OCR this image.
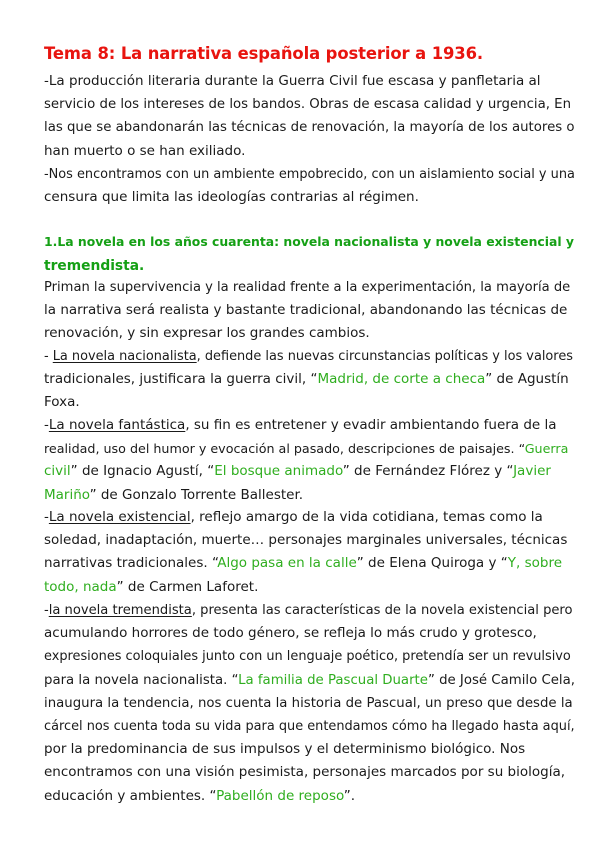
Tema 8: La narrativa española posterior a 1936.
-La producción literaria durante la Guerra Civil fue escasa y panfletaria al
servicio de los intereses de los bandos. Obras de escasa calidad y urgencia, En
las que se abandonarán las técnicas de renovación, la mayoría de los autores o
han muerto o se han exiliado.
-Nos encontramos con un ambiente empobrecido, con un aislamiento social y una
censura que limita las ideologías contrarias al régimen.
1.La novela en los años cuarenta: novela nacionalista y novela existencial y
tremendista.
Priman la supervivencia y la realidad frente a la experimentación, la mayoría de
la narrativa será realista y bastante tradicional, abandonando las técnicas de
renovación, y sin expresar los grandes cambios.
- La novela nacionalista, defiende las nuevas circunstancias políticas y los valores
tradicionales, justificara la guerra civil, “Madrid, de corte a checa” de Agustín
Foxa.
-La novela fantástica, su fin es entretener y evadir ambientando fuera de la
realidad, uso del humor y evocación al pasado, descripciones de paisajes. “Guerra
civil” de Ignacio Agustí, “El bosque animado” de Fernández Flórez y “Javier
Mariño” de Gonzalo Torrente Ballester.
-La novela existencial, reflejo amargo de la vida cotidiana, temas como la
soledad, inadaptación, muerte… personajes marginales universales, técnicas
narrativas tradicionales. “Algo pasa en la calle” de Elena Quiroga y “Y, sobre
todo, nada” de Carmen Laforet.
-la novela tremendista, presenta las características de la novela existencial pero
acumulando horrores de todo género, se refleja lo más crudo y grotesco,
expresiones coloquiales junto con un lenguaje poético, pretendía ser un revulsivo
para la novela nacionalista. “La familia de Pascual Duarte” de José Camilo Cela,
inaugura la tendencia, nos cuenta la historia de Pascual, un preso que desde la
cárcel nos cuenta toda su vida para que entendamos cómo ha llegado hasta aquí,
por la predominancia de sus impulsos y el determinismo biológico. Nos
encontramos con una visión pesimista, personajes marcados por su biología,
educación y ambientes. “Pabellón de reposo”.
